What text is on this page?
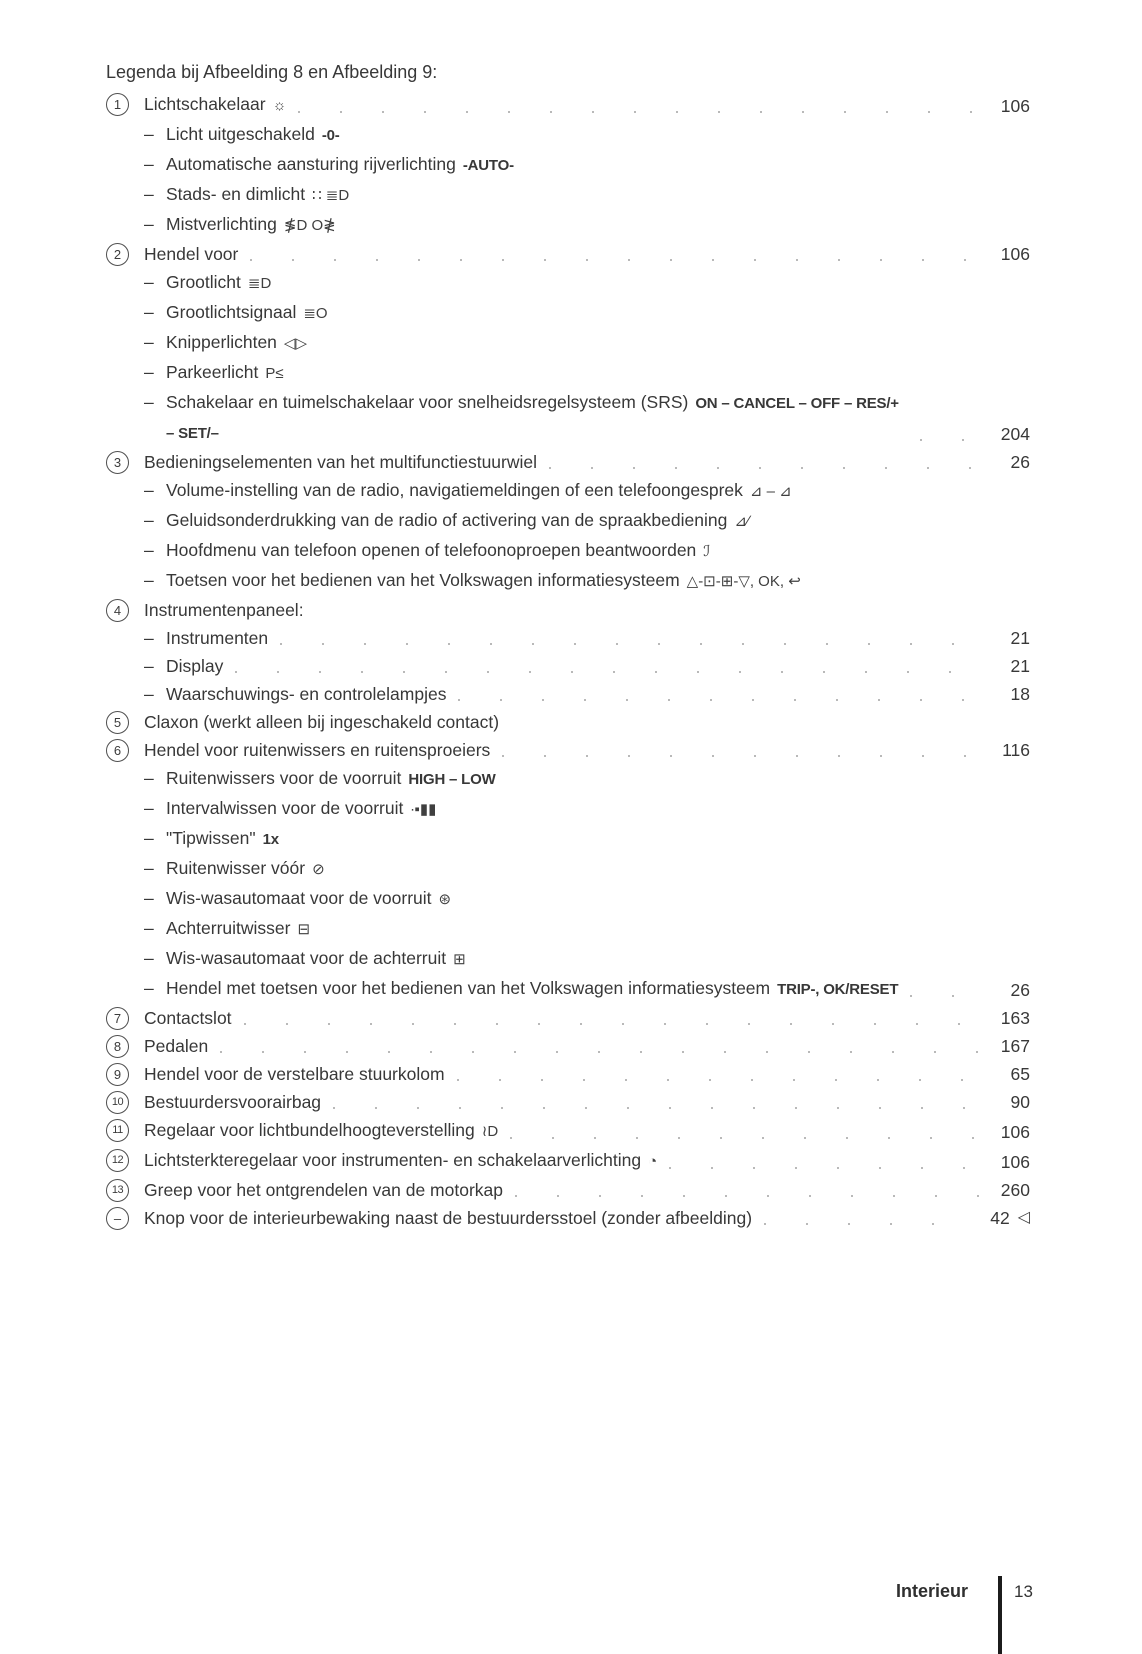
Legenda bij Afbeelding 8 en Afbeelding 9:
1	Lichtschakelaar ☼	106
– Licht uitgeschakeld -0-
– Automatische aansturing rijverlichting -AUTO-
– Stads- en dimlicht ∷ ≣D
– Mistverlichting ≸D O≹
2	Hendel voor	106
– Grootlicht ≣D
– Grootlichtsignaal ≣O
– Knipperlichten ◁▷
– Parkeerlicht P≤
– Schakelaar en tuimelschakelaar voor snelheidsregelsysteem (SRS) ON – CANCEL – OFF – RES/+ – SET/–	204
3	Bedieningselementen van het multifunctiestuurwiel	26
– Volume-instelling van de radio, navigatiemeldingen of een telefoongesprek ⊿ – ⊿
– Geluidsonderdrukking van de radio of activering van de spraakbediening ⊿∕
– Hoofdmenu van telefoon openen of telefoonoproepen beantwoorden ℐ
– Toetsen voor het bedienen van het Volkswagen informatiesysteem △-⊡-⊞-▽, OK, ↩
4	Instrumentenpaneel:
– Instrumenten	21
– Display	21
– Waarschuwings- en controlelampjes	18
5	Claxon (werkt alleen bij ingeschakeld contact)
6	Hendel voor ruitenwissers en ruitensproeiers	116
– Ruitenwissers voor de voorruit HIGH – LOW
– Intervalwissen voor de voorruit ∙▪▮▮
– "Tipwissen" 1x
– Ruitenwisser vóór ⊘
– Wis-wasautomaat voor de voorruit ⊛
– Achterruitwisser ⊟
– Wis-wasautomaat voor de achterruit ⊞
– Hendel met toetsen voor het bedienen van het Volkswagen informatiesysteem TRIP-, OK/​RESET	26
7	Contactslot	163
8	Pedalen	167
9	Hendel voor de verstelbare stuurkolom	65
10	Bestuurdersvoorairbag	90
11	Regelaar voor lichtbundelhoogteverstelling ≀D	106
12	Lichtsterkteregelaar voor instrumenten- en schakelaarverlichting ◔	106
13	Greep voor het ontgrendelen van de motorkap	260
–	Knop voor de interieurbewaking naast de bestuurdersstoel (zonder afbeelding)	42 ◁
Interieur	13
